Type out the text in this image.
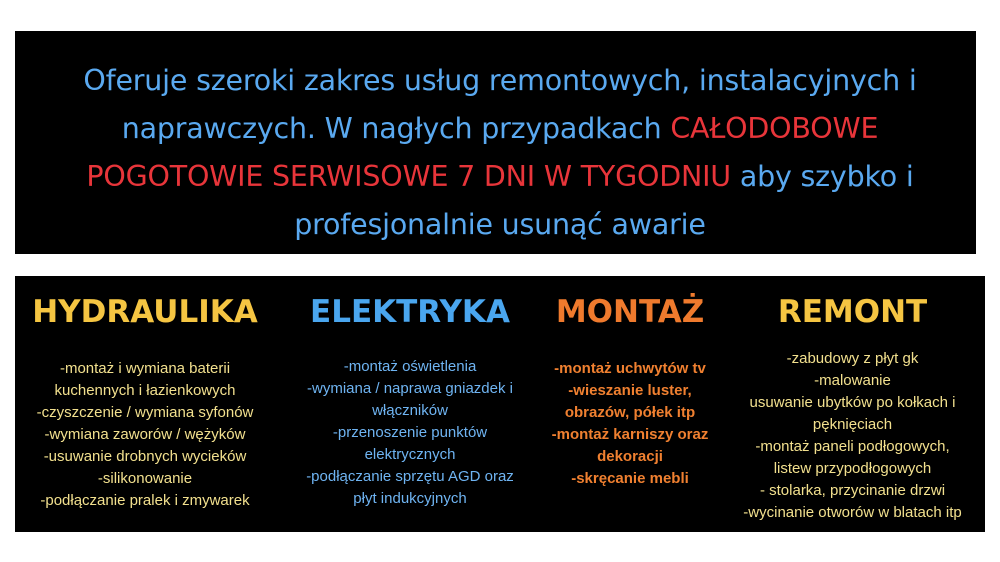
Oferuje szeroki zakres usług remontowych, instalacyjnych i naprawczych. W nagłych przypadkach CAŁODOBOWE POGOTOWIE SERWISOWE 7 DNI W TYGODNIU aby szybko i profesjonalnie usunąć awarie
HYDRAULIKA
-montaż i wymiana baterii
kuchennych i łazienkowych
-czyszczenie / wymiana syfonów
-wymiana zaworów / wężyków
-usuwanie drobnych wycieków
-silikonowanie
-podłączanie pralek i zmywarek
ELEKTRYKA
-montaż oświetlenia
-wymiana / naprawa gniazdek i
włączników
-przenoszenie punktów
elektrycznych
-podłączanie sprzętu AGD oraz
płyt indukcyjnych
MONTAŻ
-montaż uchwytów tv
-wieszanie luster,
obrazów, półek itp
-montaż karniszy oraz
dekoracji
-skręcanie mebli
REMONT
-zabudowy z płyt gk
-malowanie
usuwanie ubytków po kołkach i
pęknięciach
-montaż paneli podłogowych,
listew przypodłogowych
- stolarka, przycinanie drzwi
-wycinanie otworów w blatach itp
